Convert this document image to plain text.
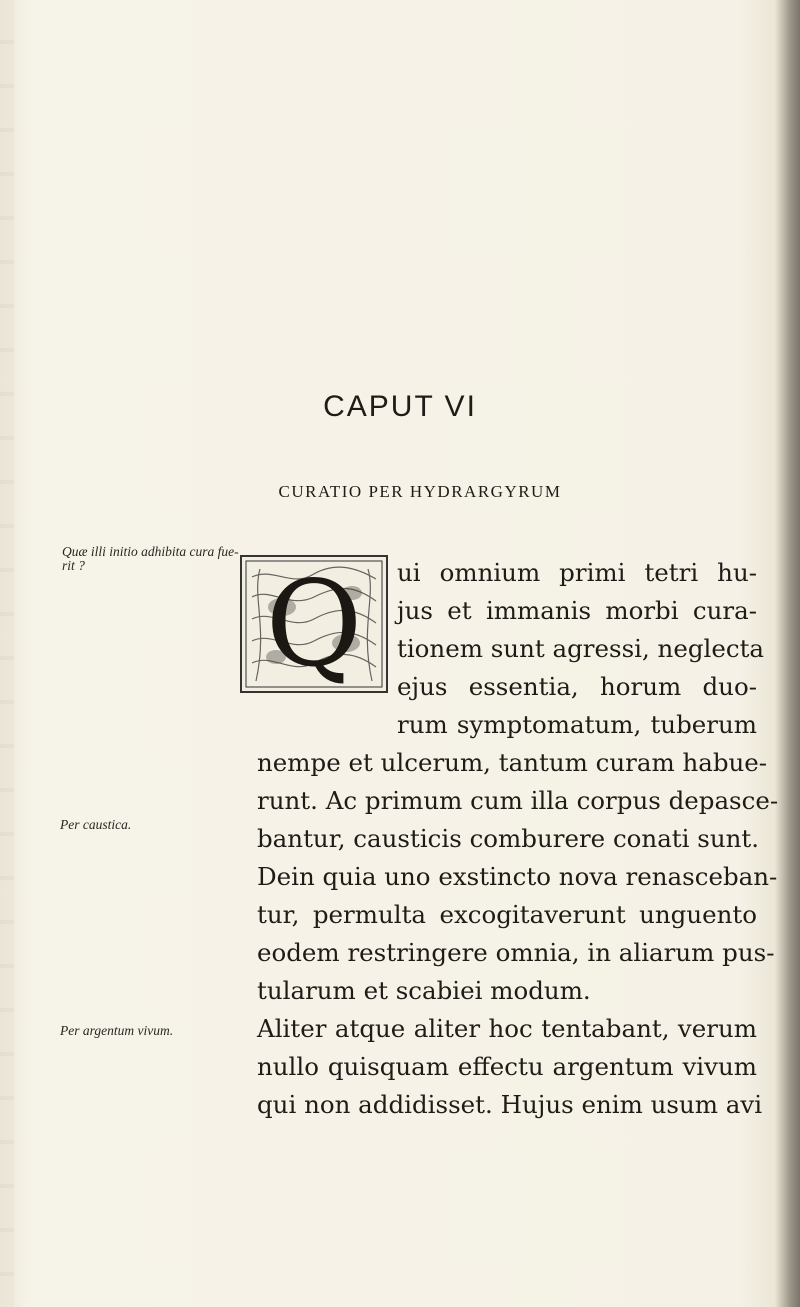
CAPUT VI
CURATIO PER HYDRARGYRUM
Quæ illi initio adhibita cura fue- rit ?
Per caustica.
Per argentum vivum.
Q	ui omnium primi tetri hu-
jus et immanis morbi cura-
tionem sunt agressi, neglecta
ejus essentia, horum duo-
rum symptomatum, tuberum
nempe et ulcerum, tantum curam habue-
runt. Ac primum cum illa corpus depasce-
bantur, causticis comburere conati sunt.
Dein quia uno exstincto nova renasceban-
tur, permulta excogitaverunt unguento
eodem restringere omnia, in aliarum pus-
tularum et scabiei modum.
Aliter atque aliter hoc tentabant, verum
nullo quisquam effectu argentum vivum
qui non addidisset. Hujus enim usum avi
